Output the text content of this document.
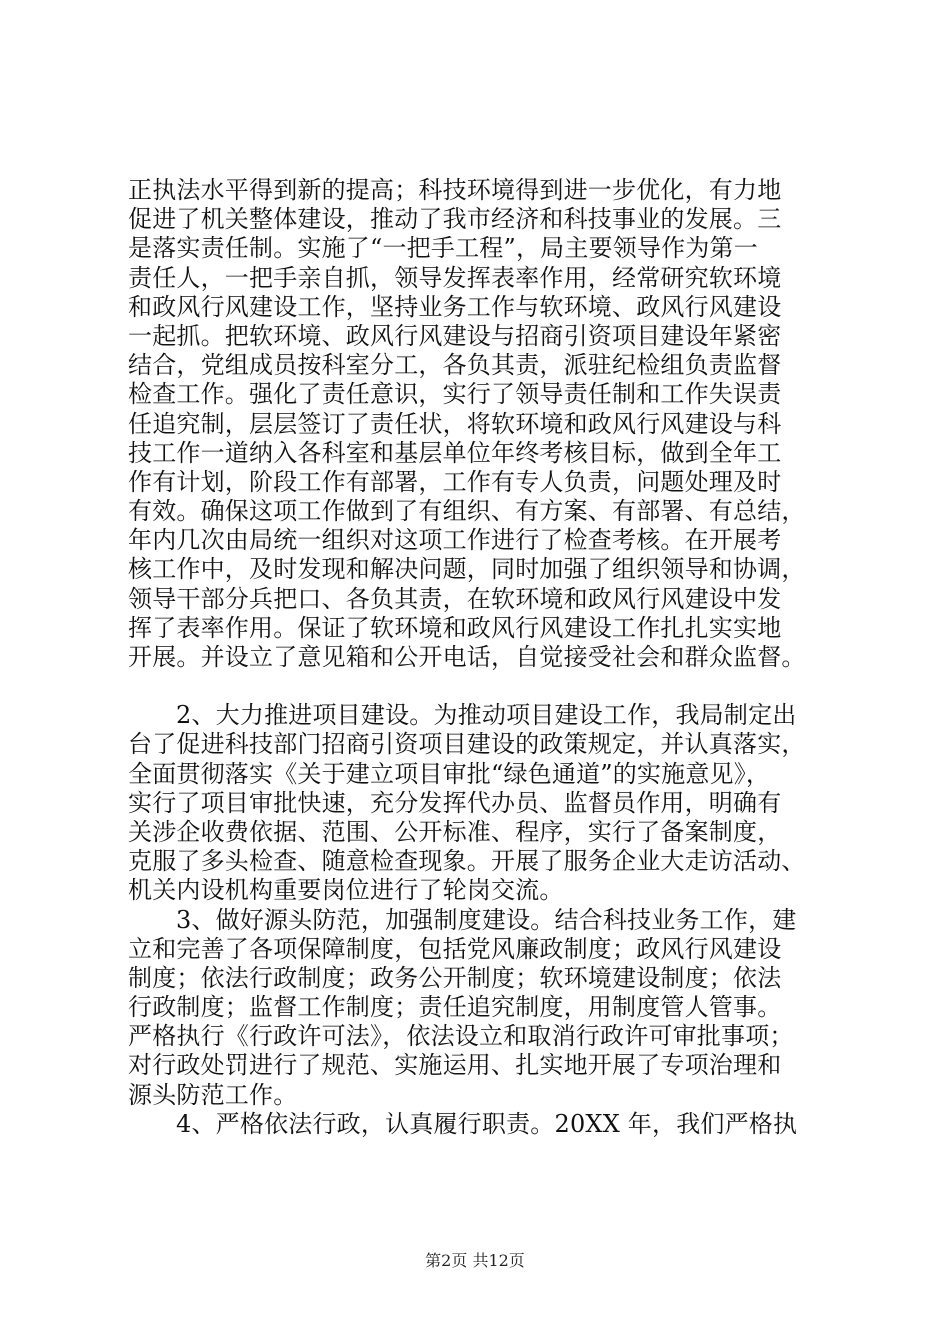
正执法水平得到新的提高；科技环境得到进一步优化，有力地
促进了机关整体建设，推动了我市经济和科技事业的发展。三
是落实责任制。实施了“一把手工程”，局主要领导作为第一
责任人，一把手亲自抓，领导发挥表率作用，经常研究软环境
和政风行风建设工作，坚持业务工作与软环境、政风行风建设
一起抓。把软环境、政风行风建设与招商引资项目建设年紧密
结合，党组成员按科室分工，各负其责，派驻纪检组负责监督
检查工作。强化了责任意识，实行了领导责任制和工作失误责
任追究制，层层签订了责任状，将软环境和政风行风建设与科
技工作一道纳入各科室和基层单位年终考核目标，做到全年工
作有计划，阶段工作有部署，工作有专人负责，问题处理及时
有效。确保这项工作做到了有组织、有方案、有部署、有总结，
年内几次由局统一组织对这项工作进行了检查考核。在开展考
核工作中，及时发现和解决问题，同时加强了组织领导和协调，
领导干部分兵把口、各负其责，在软环境和政风行风建设中发
挥了表率作用。保证了软环境和政风行风建设工作扎扎实实地
开展。并设立了意见箱和公开电话，自觉接受社会和群众监督。
2、大力推进项目建设。为推动项目建设工作，我局制定出
台了促进科技部门招商引资项目建设的政策规定，并认真落实，
全面贯彻落实《关于建立项目审批“绿色通道”的实施意见》，
实行了项目审批快速，充分发挥代办员、监督员作用，明确有
关涉企收费依据、范围、公开标准、程序，实行了备案制度，
克服了多头检查、随意检查现象。开展了服务企业大走访活动、
机关内设机构重要岗位进行了轮岗交流。
3、做好源头防范，加强制度建设。结合科技业务工作，建
立和完善了各项保障制度，包括党风廉政制度；政风行风建设
制度；依法行政制度；政务公开制度；软环境建设制度；依法
行政制度；监督工作制度；责任追究制度，用制度管人管事。
严格执行《行政许可法》，依法设立和取消行政许可审批事项；
对行政处罚进行了规范、实施运用、扎实地开展了专项治理和
源头防范工作。
4、严格依法行政，认真履行职责。20XX 年，我们严格执
第2页 共12页
